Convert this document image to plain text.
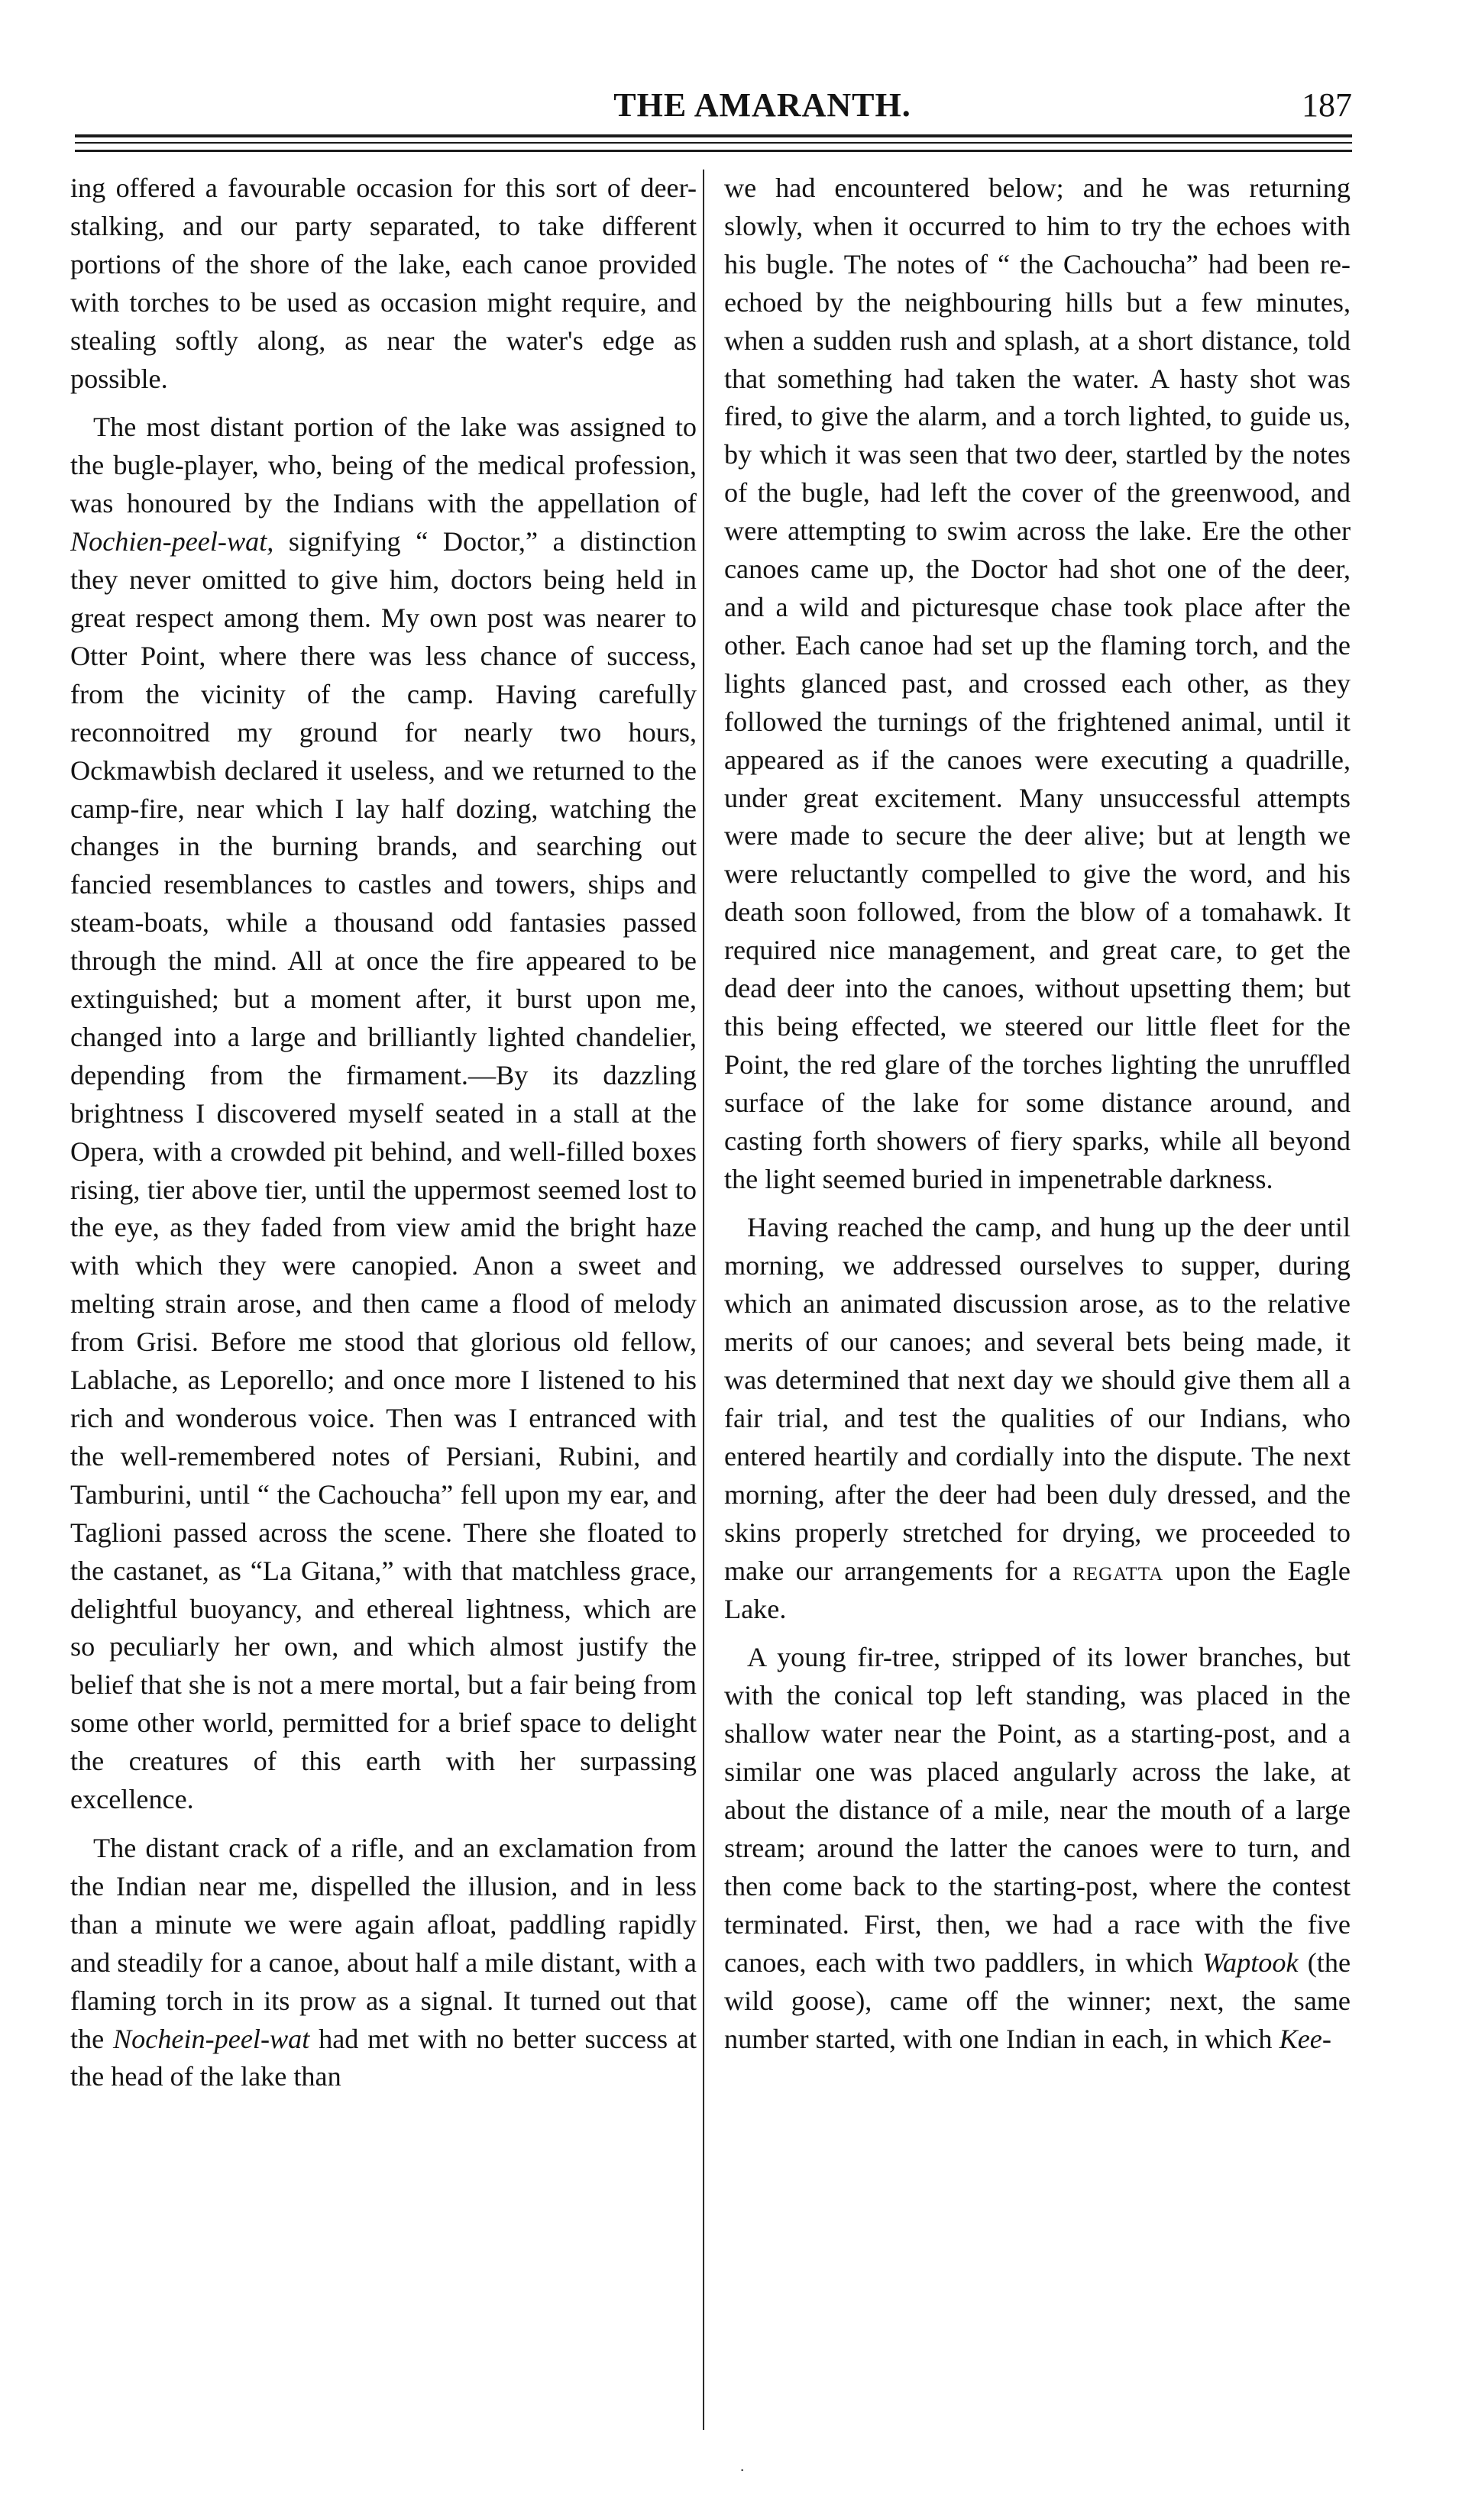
THE AMARANTH.	187

ing offered a favourable occasion for this sort of deer-stalking, and our party separated, to take different portions of the shore of the lake, each canoe provided with torches to be used as occasion might require, and stealing softly along, as near the water's edge as possible.

The most distant portion of the lake was assigned to the bugle-player, who, being of the medical profession, was honoured by the Indians with the appellation of Nochien-peel-wat, signifying “ Doctor,” a distinction they never omitted to give him, doctors being held in great respect among them. My own post was nearer to Otter Point, where there was less chance of success, from the vicinity of the camp. Having carefully reconnoitred my ground for nearly two hours, Ockmawbish declared it useless, and we returned to the camp-fire, near which I lay half dozing, watching the changes in the burning brands, and searching out fancied resemblances to castles and towers, ships and steam-boats, while a thousand odd fantasies passed through the mind. All at once the fire appeared to be extinguished; but a moment after, it burst upon me, changed into a large and brilliantly lighted chandelier, depending from the firmament.—By its dazzling brightness I discovered myself seated in a stall at the Opera, with a crowded pit behind, and well-filled boxes rising, tier above tier, until the uppermost seemed lost to the eye, as they faded from view amid the bright haze with which they were canopied. Anon a sweet and melting strain arose, and then came a flood of melody from Grisi. Before me stood that glorious old fellow, Lablache, as Leporello; and once more I listened to his rich and wonderous voice. Then was I entranced with the well-remembered notes of Persiani, Rubini, and Tamburini, until “ the Cachoucha” fell upon my ear, and Taglioni passed across the scene. There she floated to the castanet, as “La Gitana,” with that matchless grace, delightful buoyancy, and ethereal lightness, which are so peculiarly her own, and which almost justify the belief that she is not a mere mortal, but a fair being from some other world, permitted for a brief space to delight the creatures of this earth with her surpassing excellence.

The distant crack of a rifle, and an exclamation from the Indian near me, dispelled the illusion, and in less than a minute we were again afloat, paddling rapidly and steadily for a canoe, about half a mile distant, with a flaming torch in its prow as a signal. It turned out that the Nochein-peel-wat had met with no better success at the head of the lake than

we had encountered below; and he was returning slowly, when it occurred to him to try the echoes with his bugle. The notes of “ the Cachoucha” had been re-echoed by the neighbouring hills but a few minutes, when a sudden rush and splash, at a short distance, told that something had taken the water. A hasty shot was fired, to give the alarm, and a torch lighted, to guide us, by which it was seen that two deer, startled by the notes of the bugle, had left the cover of the greenwood, and were attempting to swim across the lake. Ere the other canoes came up, the Doctor had shot one of the deer, and a wild and picturesque chase took place after the other. Each canoe had set up the flaming torch, and the lights glanced past, and crossed each other, as they followed the turnings of the frightened animal, until it appeared as if the canoes were executing a quadrille, under great excitement. Many unsuccessful attempts were made to secure the deer alive; but at length we were reluctantly compelled to give the word, and his death soon followed, from the blow of a tomahawk. It required nice management, and great care, to get the dead deer into the canoes, without upsetting them; but this being effected, we steered our little fleet for the Point, the red glare of the torches lighting the unruffled surface of the lake for some distance around, and casting forth showers of fiery sparks, while all beyond the light seemed buried in impenetrable darkness.

Having reached the camp, and hung up the deer until morning, we addressed ourselves to supper, during which an animated discussion arose, as to the relative merits of our canoes; and several bets being made, it was determined that next day we should give them all a fair trial, and test the qualities of our Indians, who entered heartily and cordially into the dispute. The next morning, after the deer had been duly dressed, and the skins properly stretched for drying, we proceeded to make our arrangements for a regatta upon the Eagle Lake.

A young fir-tree, stripped of its lower branches, but with the conical top left standing, was placed in the shallow water near the Point, as a starting-post, and a similar one was placed angularly across the lake, at about the distance of a mile, near the mouth of a large stream; around the latter the canoes were to turn, and then come back to the starting-post, where the contest terminated. First, then, we had a race with the five canoes, each with two paddlers, in which Waptook (the wild goose), came off the winner; next, the same number started, with one Indian in each, in which Kee-

·
